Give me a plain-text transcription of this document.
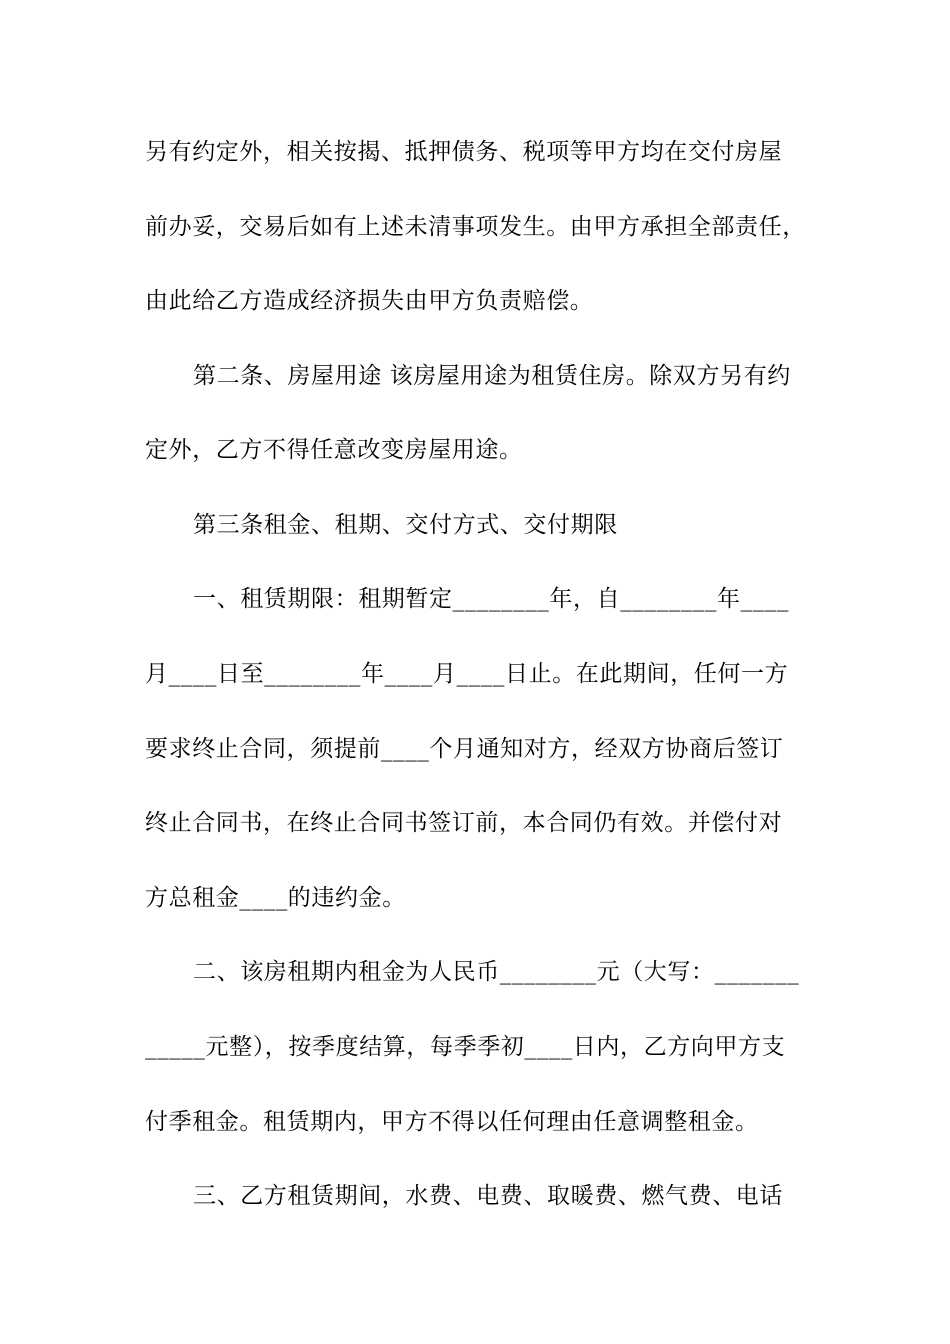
另有约定外，相关按揭、抵押债务、税项等甲方均在交付房屋
前办妥，交易后如有上述未清事项发生。由甲方承担全部责任，
由此给乙方造成经济损失由甲方负责赔偿。
第二条、房屋用途 该房屋用途为租赁住房。除双方另有约
定外，乙方不得任意改变房屋用途。
第三条租金、租期、交付方式、交付期限
一、租赁期限：租期暂定________年，自________年____
月____日至________年____月____日止。在此期间，任何一方
要求终止合同，须提前____个月通知对方，经双方协商后签订
终止合同书，在终止合同书签订前，本合同仍有效。并偿付对
方总租金____的违约金。
二、该房租期内租金为人民币________元（大写：_______
_____元整），按季度结算，每季季初____日内，乙方向甲方支
付季租金。租赁期内，甲方不得以任何理由任意调整租金。
三、乙方租赁期间，水费、电费、取暖费、燃气费、电话
